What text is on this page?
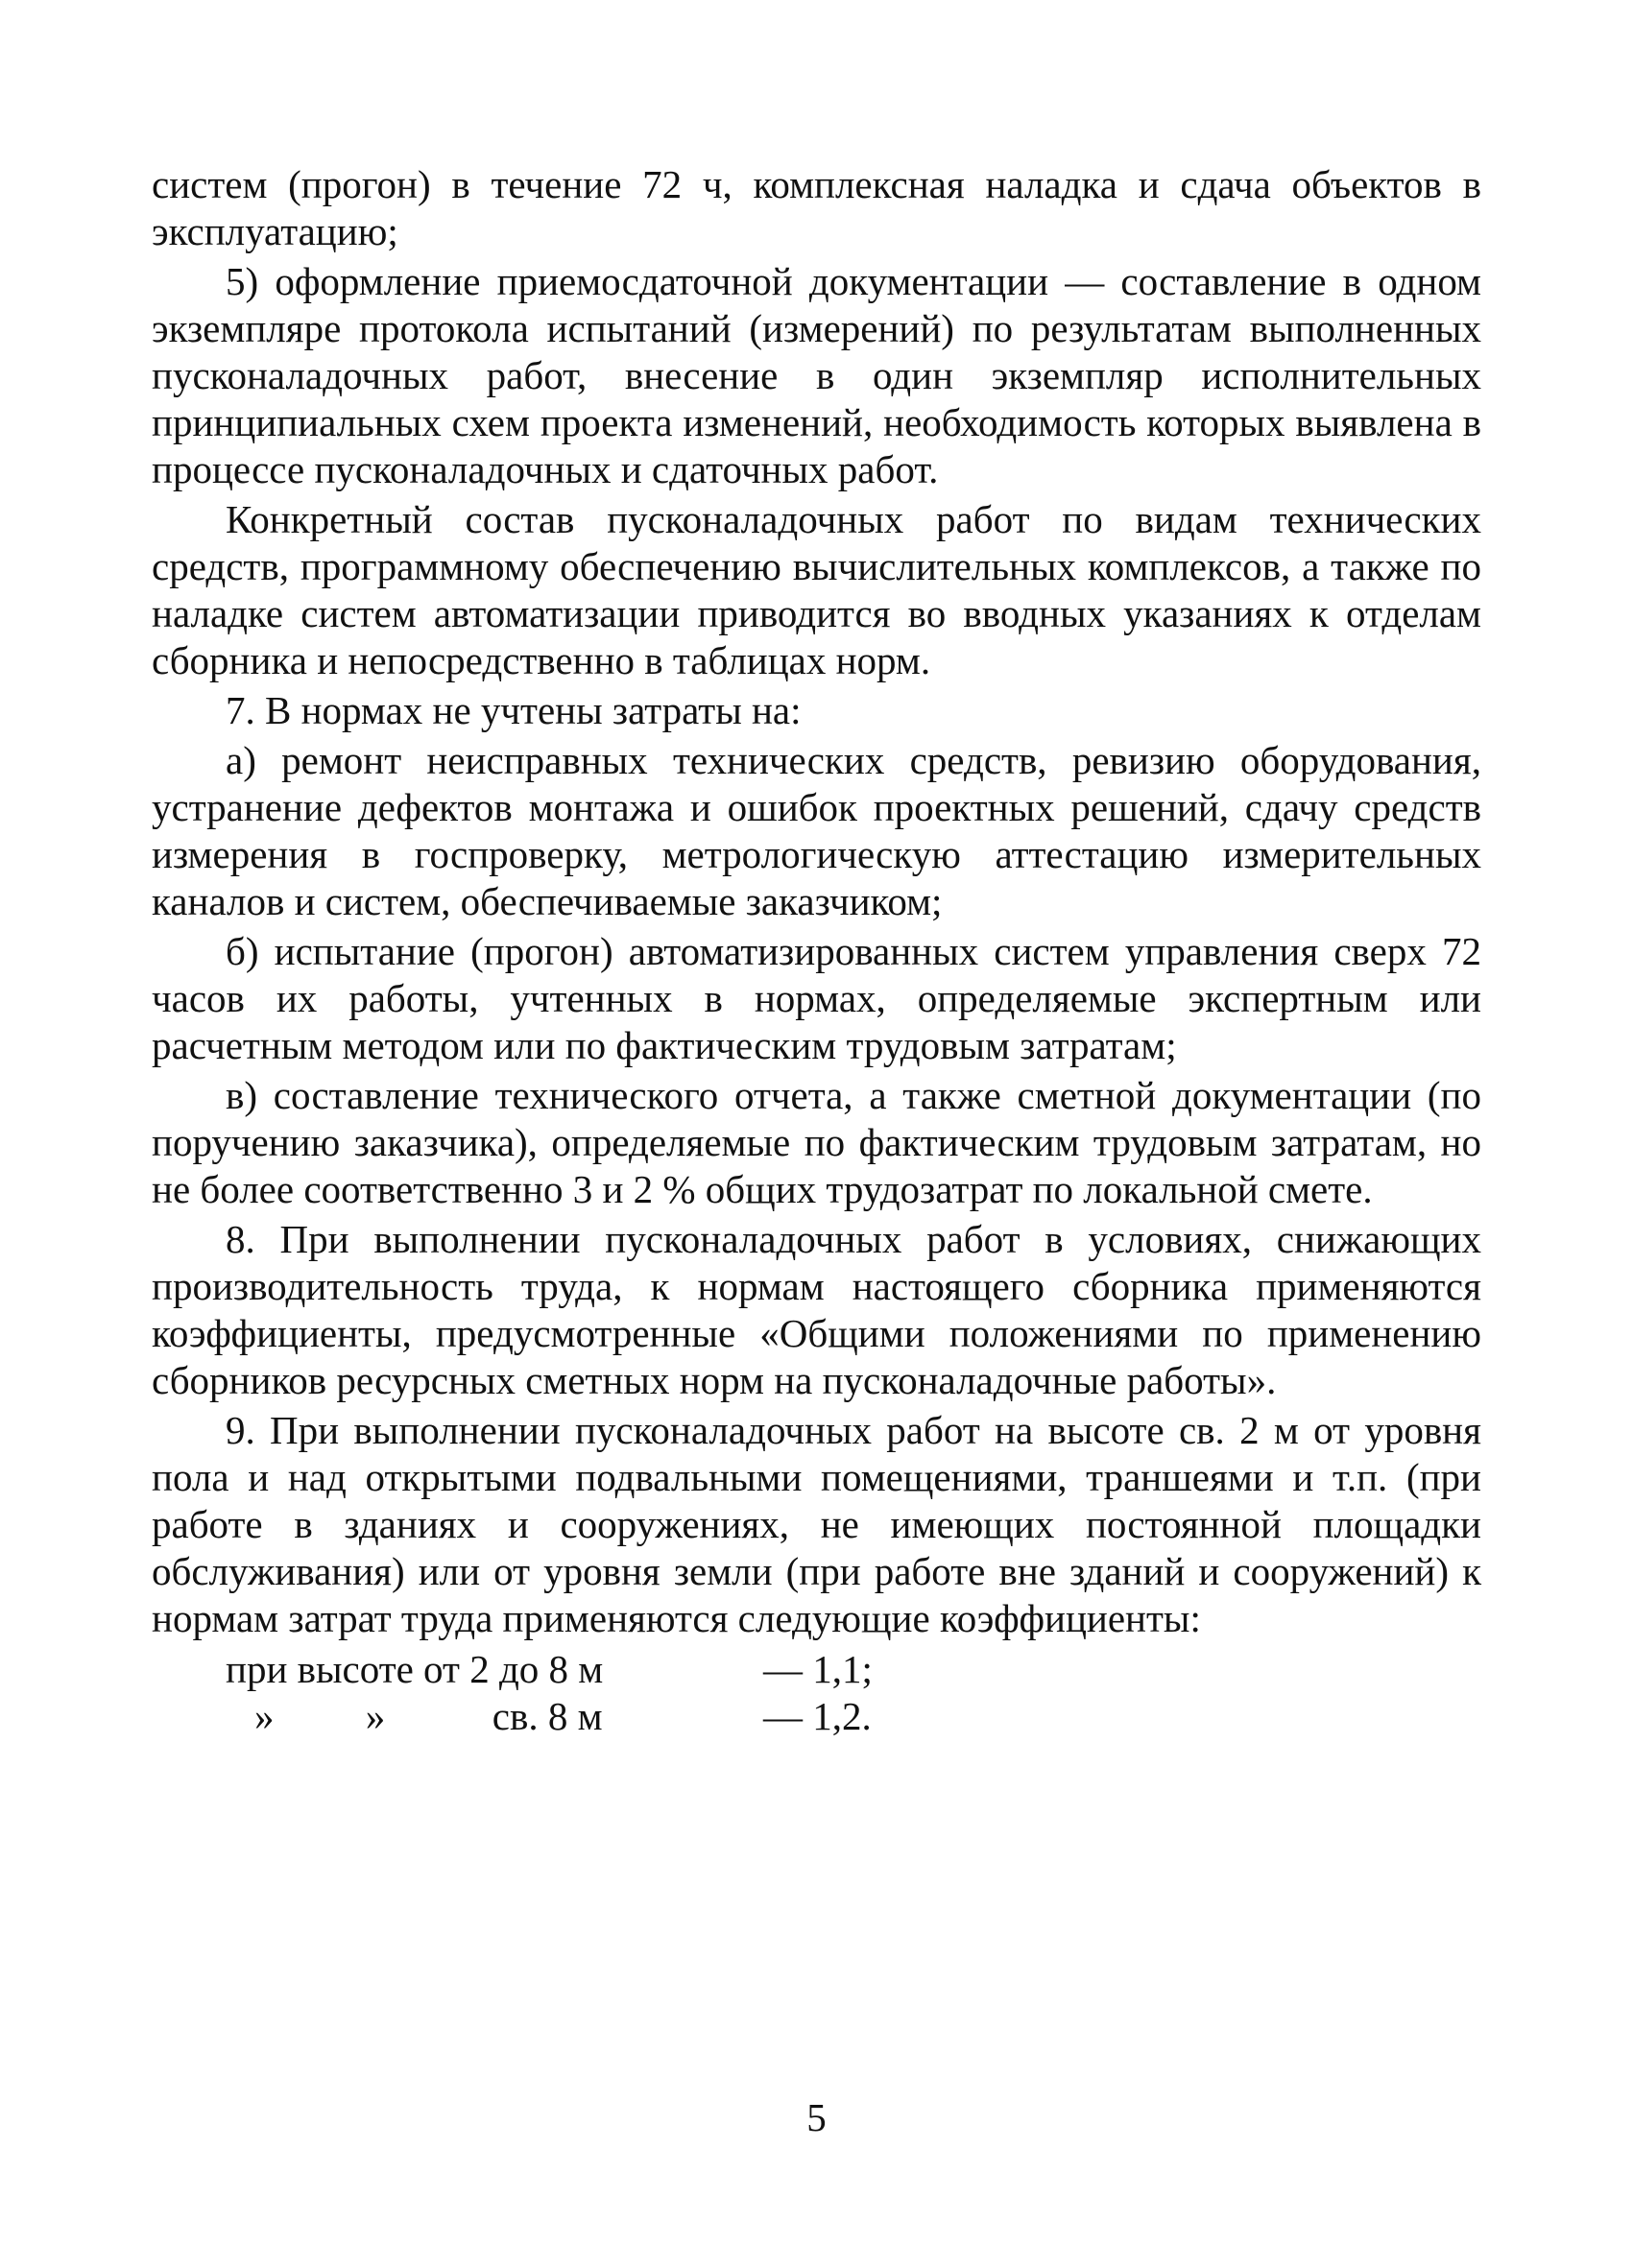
систем (прогон) в течение 72 ч, комплексная наладка и сдача объектов в эксплуатацию;

5) оформление приемосдаточной документации — составление в одном экземпляре протокола испытаний (измерений) по результатам выполненных пусконаладочных работ, внесение в один экземпляр исполнительных принципиальных схем проекта изменений, необходимость которых выявлена в процессе пусконаладочных и сдаточных работ.

Конкретный состав пусконаладочных работ по видам технических средств, программному обеспечению вычислительных комплексов, а также по наладке систем автоматизации приводится во вводных указаниях к отделам сборника и непосредственно в таблицах норм.

7. В нормах не учтены затраты на:

а) ремонт неисправных технических средств, ревизию оборудования, устранение дефектов монтажа и ошибок проектных решений, сдачу средств измерения в госпроверку, метрологическую аттестацию измерительных каналов и систем, обеспечиваемые заказчиком;

б) испытание (прогон) автоматизированных систем управления сверх 72 часов их работы, учтенных в нормах, определяемые экспертным или расчетным методом или по фактическим трудовым затратам;

в) составление технического отчета, а также сметной документации (по поручению заказчика), определяемые по фактическим трудовым затратам, но не более соответственно 3 и 2 % общих трудозатрат по локальной смете.

8. При выполнении пусконаладочных работ в условиях, снижающих производительность труда, к нормам настоящего сборника применяются коэффициенты, предусмотренные «Общими положениями по применению сборников ресурсных сметных норм на пусконаладочные работы».

9. При выполнении пусконаладочных работ на высоте св. 2 м от уровня пола и над открытыми подвальными помещениями, траншеями и т.п. (при работе в зданиях и сооружениях, не имеющих постоянной площадки обслуживания) или от уровня земли (при работе вне зданий и сооружений) к нормам затрат труда применяются следующие коэффициенты:

при высоте от 2 до 8 м			— 1,1;
»	»	св. 8 м	— 1,2.
5
